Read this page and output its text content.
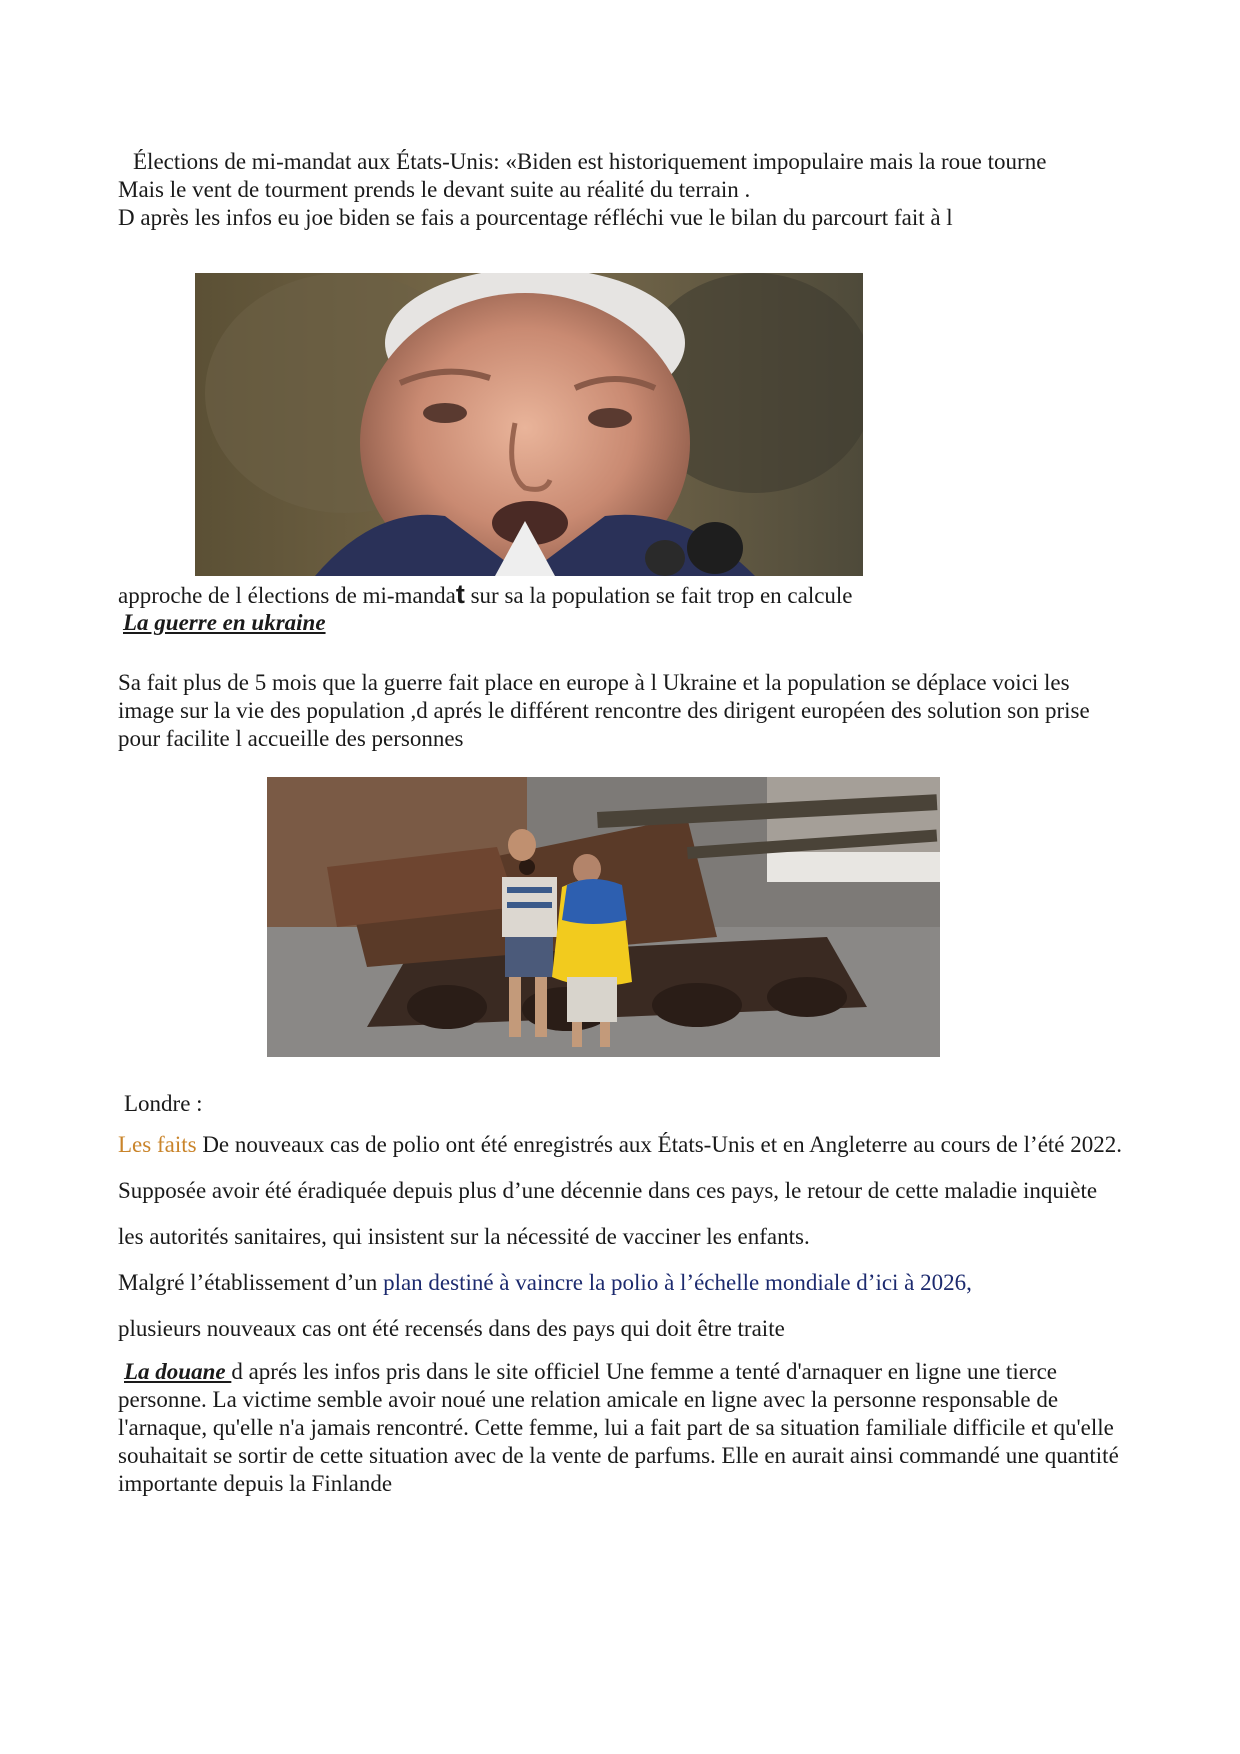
Élections de mi-mandat aux États-Unis: «Biden est historiquement impopulaire mais la roue tourne

Mais le vent de tourment prends le devant suite au réalité du terrain .

D après les infos eu joe biden se fais a pourcentage réfléchi vue le bilan du parcourt fait à l

approche de l élections de mi-mandat sur sa la population se fait trop en calcule

La guerre en ukraine

Sa fait plus de 5 mois que la guerre fait place en europe à l Ukraine et la population se déplace voici les image sur la vie des population ,d aprés le différent rencontre des dirigent européen des solution son prise pour facilite l accueille des personnes

Londre :

Les faits De nouveaux cas de polio ont été enregistrés aux États-Unis et en Angleterre au cours de l’été 2022. Supposée avoir été éradiquée depuis plus d’une décennie dans ces pays, le retour de cette maladie inquiète les autorités sanitaires, qui insistent sur la nécessité de vacciner les enfants.

Malgré l’établissement d’un plan destiné à vaincre la polio à l’échelle mondiale d’ici à 2026,

plusieurs nouveaux cas ont été recensés dans des pays qui doit être traite

La douane d aprés les infos pris dans le site officiel Une femme a tenté d'arnaquer en ligne une tierce personne. La victime semble avoir noué une relation amicale en ligne avec la personne responsable de l'arnaque, qu'elle n'a jamais rencontré. Cette femme, lui a fait part de sa situation familiale difficile et qu'elle souhaitait se sortir de cette situation avec de la vente de parfums. Elle en aurait ainsi commandé une quantité importante depuis la Finlande
